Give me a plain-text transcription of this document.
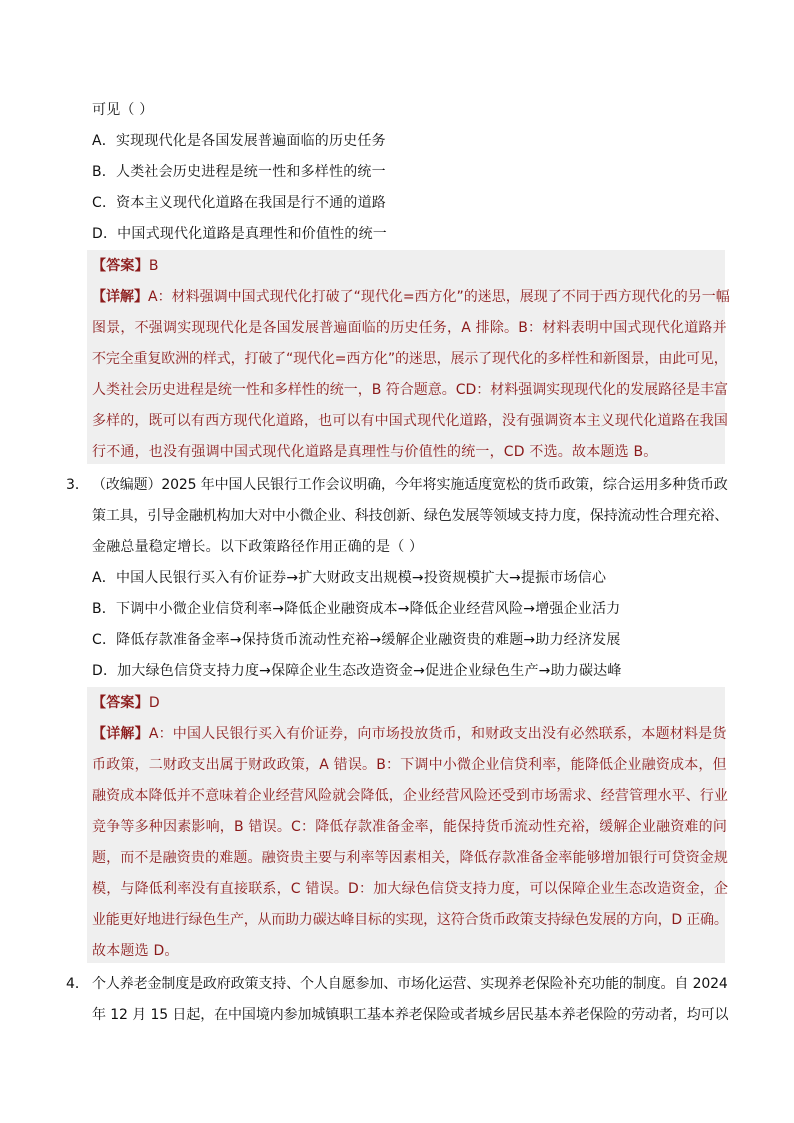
可见（ ）
A．实现现代化是各国发展普遍面临的历史任务
B．人类社会历史进程是统一性和多样性的统一
C．资本主义现代化道路在我国是行不通的道路
D．中国式现代化道路是真理性和价值性的统一
【答案】B
【详解】A：材料强调中国式现代化打破了“现代化=西方化”的迷思，展现了不同于西方现代化的另一幅
图景，不强调实现现代化是各国发展普遍面临的历史任务，A 排除。B：材料表明中国式现代化道路并
不完全重复欧洲的样式，打破了“现代化=西方化”的迷思，展示了现代化的多样性和新图景，由此可见，
人类社会历史进程是统一性和多样性的统一，B 符合题意。CD：材料强调实现现代化的发展路径是丰富
多样的，既可以有西方现代化道路，也可以有中国式现代化道路，没有强调资本主义现代化道路在我国
行不通，也没有强调中国式现代化道路是真理性与价值性的统一，CD 不选。故本题选 B。
3． （改编题）2025 年中国人民银行工作会议明确，今年将实施适度宽松的货币政策，综合运用多种货币政
策工具，引导金融机构加大对中小微企业、科技创新、绿色发展等领域支持力度，保持流动性合理充裕、
金融总量稳定增长。以下政策路径作用正确的是（ ）
A．中国人民银行买入有价证券→扩大财政支出规模→投资规模扩大→提振市场信心
B．下调中小微企业信贷利率→降低企业融资成本→降低企业经营风险→增强企业活力
C．降低存款准备金率→保持货币流动性充裕→缓解企业融资贵的难题→助力经济发展
D．加大绿色信贷支持力度→保障企业生态改造资金→促进企业绿色生产→助力碳达峰
【答案】D
【详解】A：中国人民银行买入有价证券，向市场投放货币，和财政支出没有必然联系，本题材料是货
币政策，二财政支出属于财政政策，A 错误。B：下调中小微企业信贷利率，能降低企业融资成本，但
融资成本降低并不意味着企业经营风险就会降低，企业经营风险还受到市场需求、经营管理水平、行业
竞争等多种因素影响，B 错误。C：降低存款准备金率，能保持货币流动性充裕，缓解企业融资难的问
题，而不是融资贵的难题。融资贵主要与利率等因素相关，降低存款准备金率能够增加银行可贷资金规
模，与降低利率没有直接联系，C 错误。D：加大绿色信贷支持力度，可以保障企业生态改造资金，企
业能更好地进行绿色生产，从而助力碳达峰目标的实现，这符合货币政策支持绿色发展的方向，D 正确。
故本题选 D。
4． 个人养老金制度是政府政策支持、个人自愿参加、市场化运营、实现养老保险补充功能的制度。自 2024
年 12 月 15 日起，在中国境内参加城镇职工基本养老保险或者城乡居民基本养老保险的劳动者，均可以
